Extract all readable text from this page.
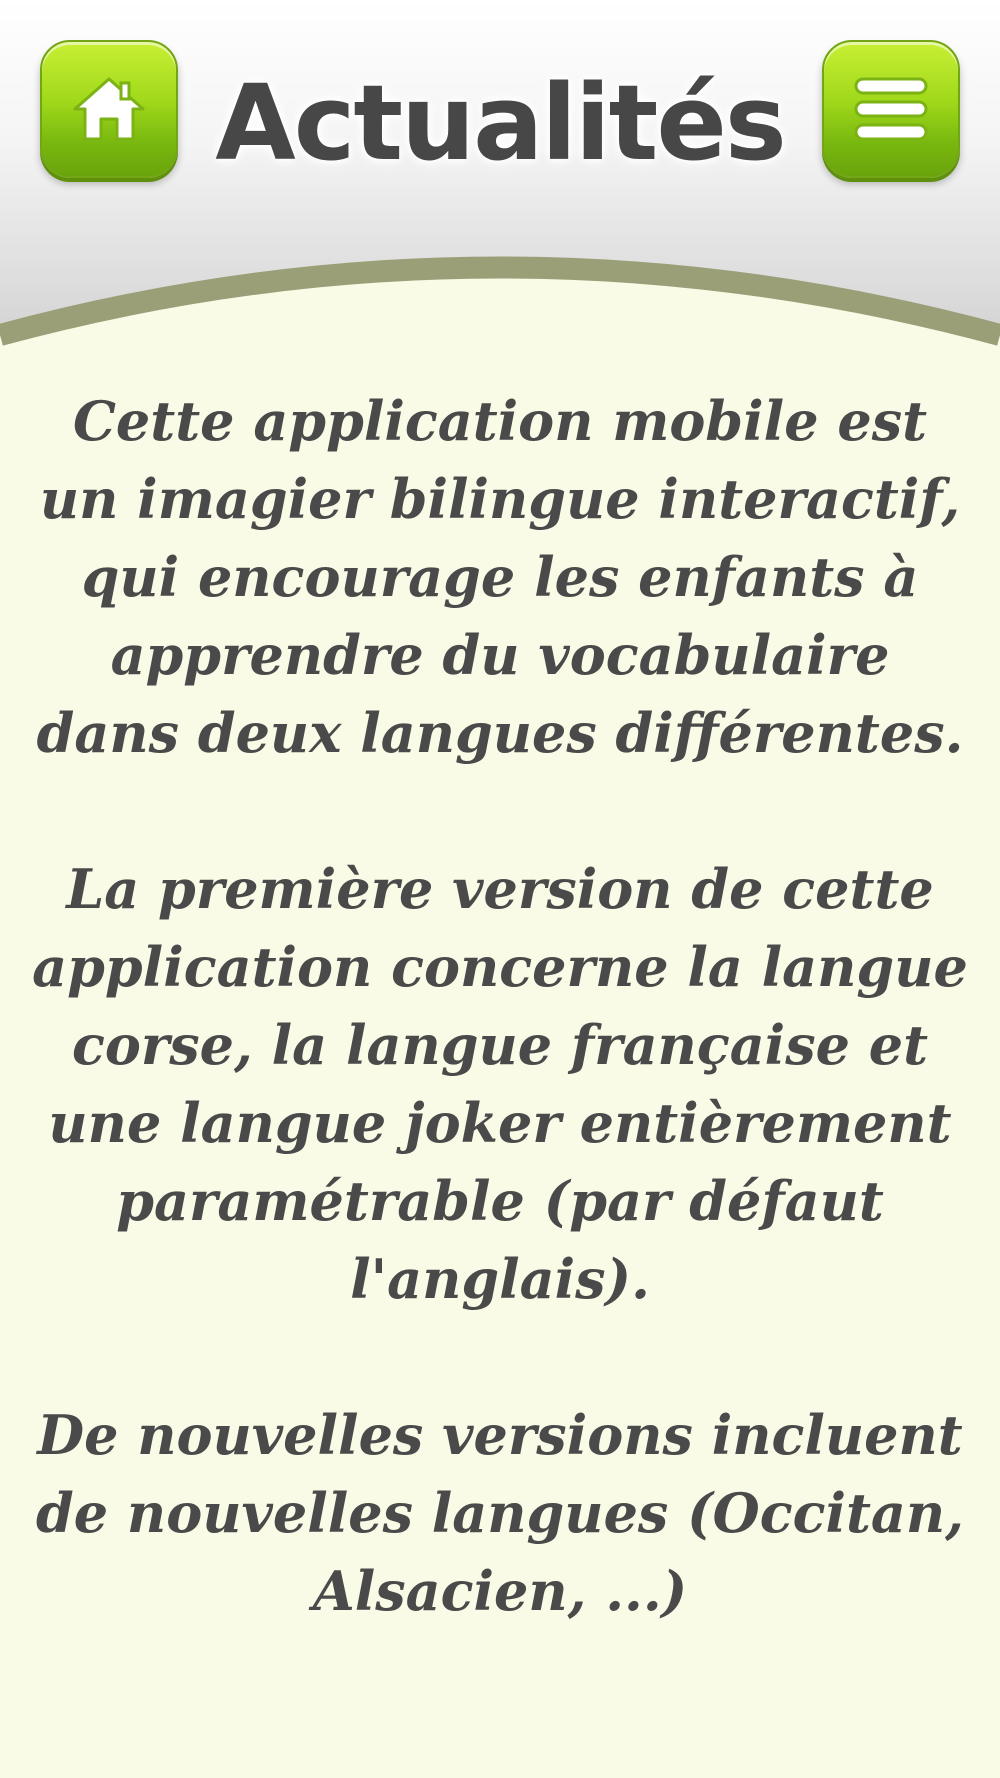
Actualités

Cette application mobile est un imagier bilingue interactif, qui encourage les enfants à apprendre du vocabulaire dans deux langues différentes.

La première version de cette application concerne la langue corse, la langue française et une langue joker entièrement paramétrable (par défaut l'anglais).

De nouvelles versions incluent de nouvelles langues (Occitan, Alsacien, ...)
